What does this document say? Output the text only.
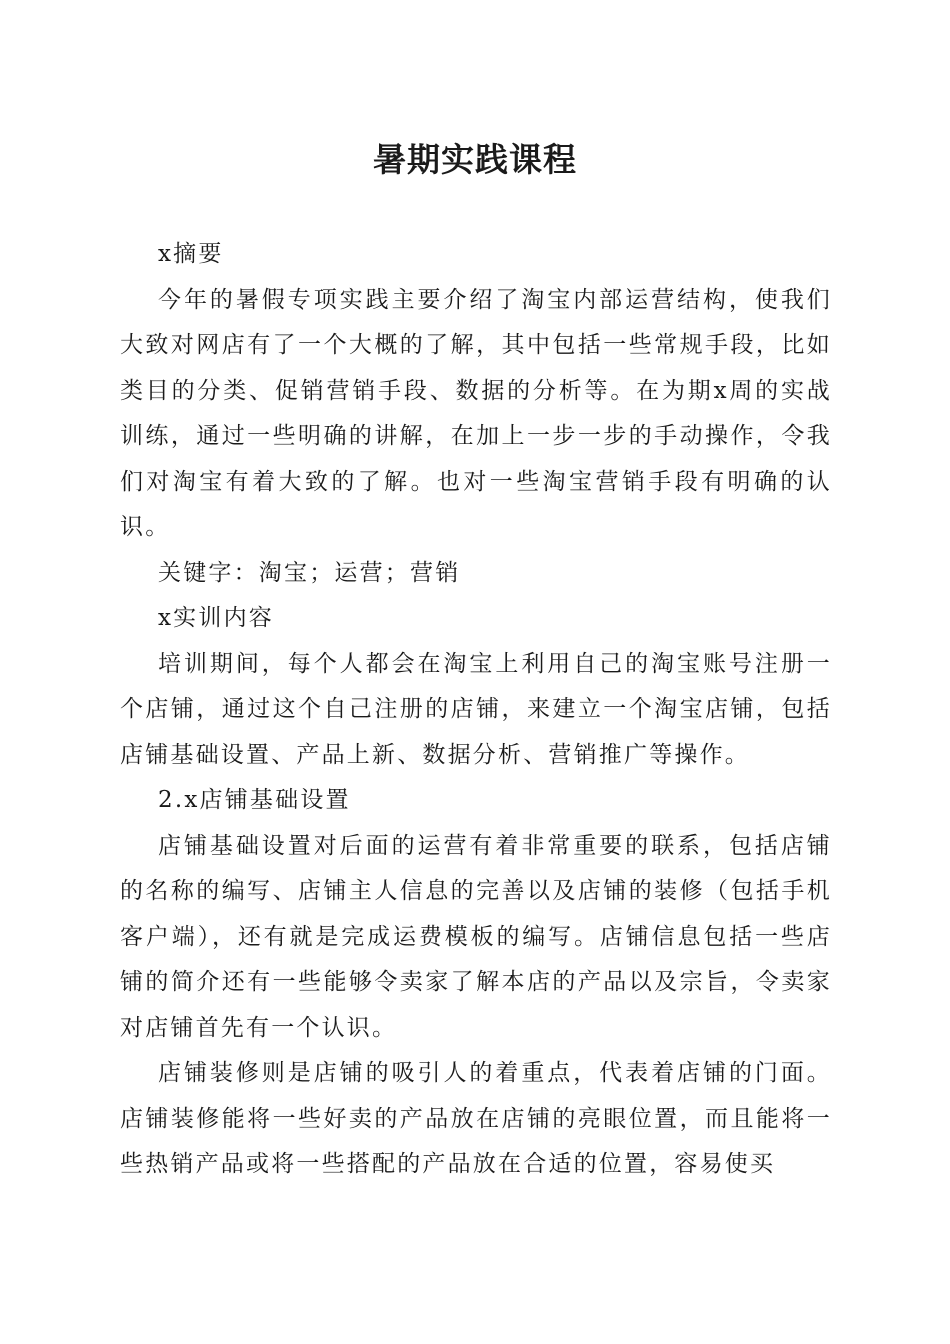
暑期实践课程

x摘要

今年的暑假专项实践主要介绍了淘宝内部运营结构，使我们大致对网店有了一个大概的了解，其中包括一些常规手段，比如类目的分类、促销营销手段、数据的分析等。在为期x周的实战训练，通过一些明确的讲解，在加上一步一步的手动操作，令我们对淘宝有着大致的了解。也对一些淘宝营销手段有明确的认识。

关键字：淘宝；运营；营销

x实训内容

培训期间，每个人都会在淘宝上利用自己的淘宝账号注册一个店铺，通过这个自己注册的店铺，来建立一个淘宝店铺，包括店铺基础设置、产品上新、数据分析、营销推广等操作。

2.x店铺基础设置

店铺基础设置对后面的运营有着非常重要的联系，包括店铺的名称的编写、店铺主人信息的完善以及店铺的装修（包括手机客户端），还有就是完成运费模板的编写。店铺信息包括一些店铺的简介还有一些能够令卖家了解本店的产品以及宗旨，令卖家对店铺首先有一个认识。

店铺装修则是店铺的吸引人的着重点，代表着店铺的门面。店铺装修能将一些好卖的产品放在店铺的亮眼位置，而且能将一些热销产品或将一些搭配的产品放在合适的位置，容易使买
